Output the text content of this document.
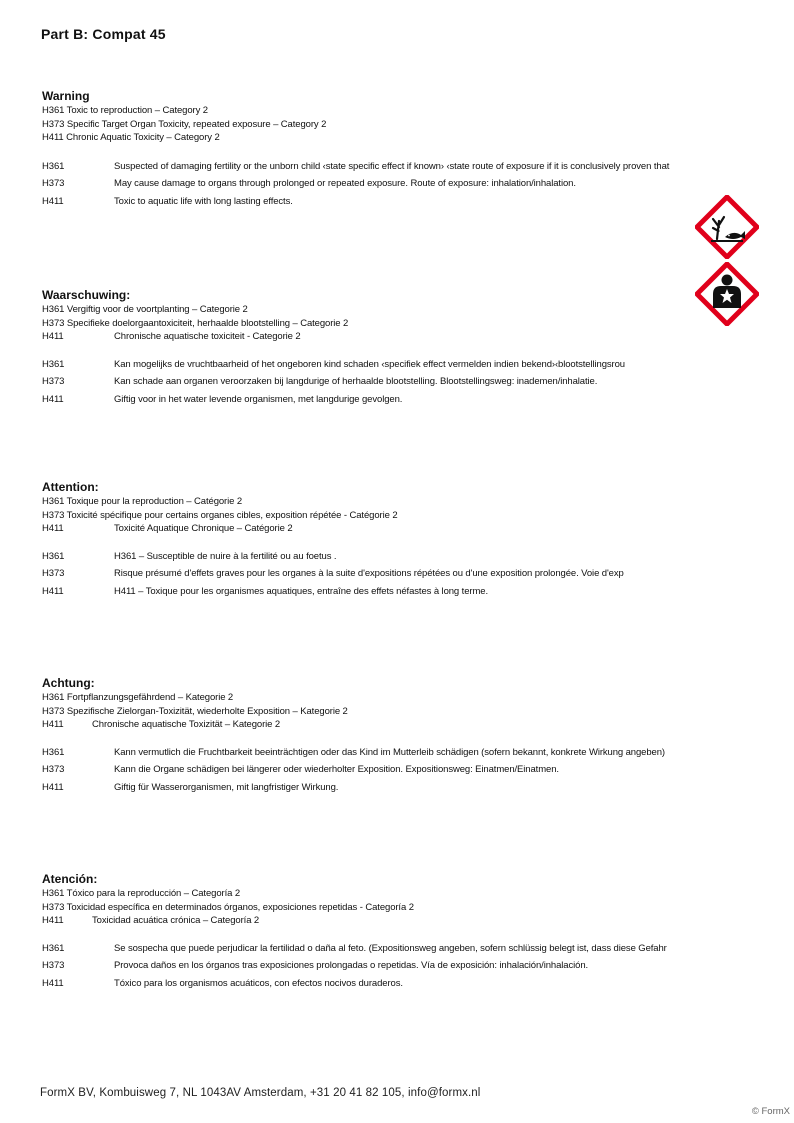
Part B: Compat 45
Warning
H361 Toxic to reproduction – Category 2
H373 Specific Target Organ Toxicity, repeated exposure – Category 2
H411 Chronic Aquatic Toxicity – Category 2
H361	Suspected of damaging fertility or the unborn child ‹state specific effect if known› ‹state route of exposure if it is conclusively proven that
H373	May cause damage to organs through prolonged or repeated exposure. Route of exposure: inhalation/inhalation.
H411	Toxic to aquatic life with long lasting effects.
Waarschuwing:
H361 Vergiftig voor de voortplanting – Categorie 2
H373 Specifieke doelorgaantoxiciteit, herhaalde blootstelling – Categorie 2
H411	Chronische aquatische toxiciteit - Categorie 2
H361	Kan mogelijks de vruchtbaarheid of het ongeboren kind schaden ‹specifiek effect vermelden indien bekend›‹blootstellingsrou
H373	Kan schade aan organen veroorzaken bij langdurige of herhaalde blootstelling. Blootstellingsweg: inademen/inhalatie.
H411	Giftig voor in het water levende organismen, met langdurige gevolgen.
Attention:
H361 Toxique pour la reproduction – Catégorie 2
H373 Toxicité spécifique pour certains organes cibles, exposition répétée - Catégorie 2
H411	Toxicité Aquatique Chronique – Catégorie 2
H361	H361 – Susceptible de nuire à la fertilité ou au foetus .
H373	Risque présumé d'effets graves pour les organes à la suite d'expositions répétées ou d'une exposition prolongée. Voie d'exp
H411	H411 – Toxique pour les organismes aquatiques, entraîne des effets néfastes à long terme.
Achtung:
H361 Fortpflanzungsgefährdend – Kategorie 2
H373 Spezifische Zielorgan-Toxizität, wiederholte Exposition – Kategorie 2
H411	Chronische aquatische Toxizität – Kategorie 2
H361	Kann vermutlich die Fruchtbarkeit beeinträchtigen oder das Kind im Mutterleib schädigen (sofern bekannt, konkrete Wirkung angeben)
H373	Kann die Organe schädigen bei längerer oder wiederholter Exposition. Expositionsweg: Einatmen/Einatmen.
H411	Giftig für Wasserorganismen, mit langfristiger Wirkung.
Atención:
H361 Tóxico para la reproducción – Categoría 2
H373 Toxicidad específica en determinados órganos, exposiciones repetidas - Categoría 2
H411	Toxicidad acuática crónica – Categoría 2
H361	Se sospecha que puede perjudicar la fertilidad o daña al feto. (Expositionsweg angeben, sofern schlüssig belegt ist, dass diese Gefahr
H373	Provoca daños en los órganos tras exposiciones prolongadas o repetidas. Vía de exposición: inhalación/inhalación.
H411	Tóxico para los organismos acuáticos, con efectos nocivos duraderos.
FormX BV, Kombuisweg 7, NL 1043AV Amsterdam, +31 20 41 82 105, info@formx.nl
© FormX
